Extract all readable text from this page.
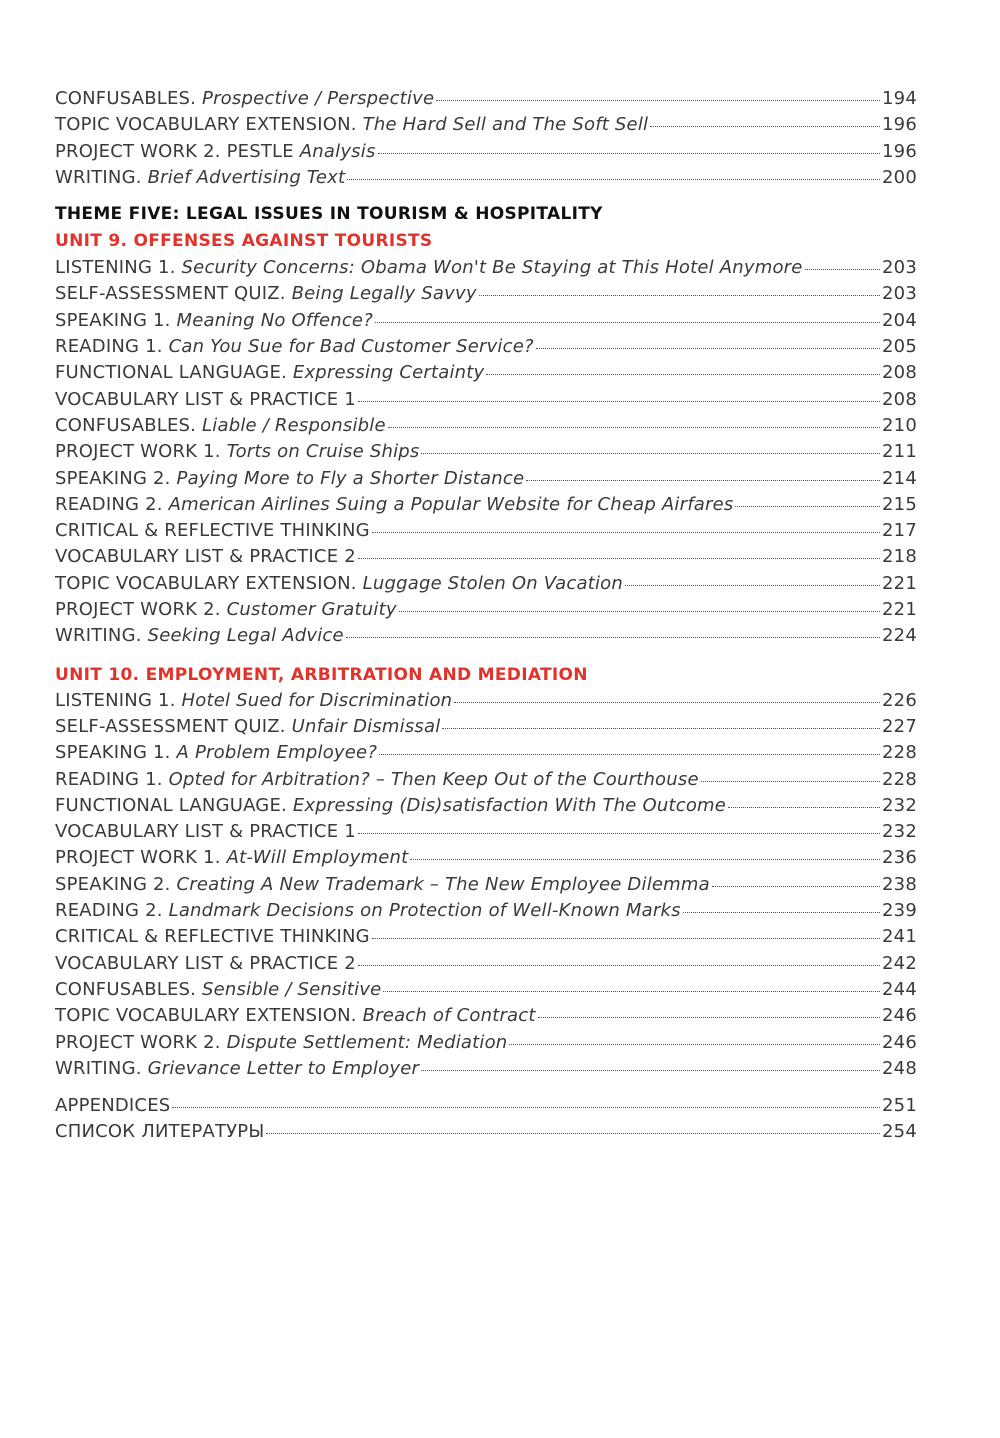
CONFUSABLES. Prospective / Perspective	194
TOPIC VOCABULARY EXTENSION. The Hard Sell and The Soft Sell	196
PROJECT WORK 2. PESTLE Analysis	196
WRITING. Brief Advertising Text	200
THEME FIVE: LEGAL ISSUES IN TOURISM & HOSPITALITY
UNIT 9. OFFENSES AGAINST TOURISTS
LISTENING 1. Security Concerns: Obama Won't Be Staying at This Hotel Anymore	203
SELF-ASSESSMENT QUIZ. Being Legally Savvy	203
SPEAKING 1. Meaning No Offence?	204
READING 1. Can You Sue for Bad Customer Service?	205
FUNCTIONAL LANGUAGE. Expressing Certainty	208
VOCABULARY LIST & PRACTICE 1	208
CONFUSABLES. Liable / Responsible	210
PROJECT WORK 1. Torts on Cruise Ships	211
SPEAKING 2. Paying More to Fly a Shorter Distance	214
READING 2. American Airlines Suing a Popular Website for Cheap Airfares	215
CRITICAL & REFLECTIVE THINKING	217
VOCABULARY LIST & PRACTICE 2	218
TOPIC VOCABULARY EXTENSION. Luggage Stolen On Vacation	221
PROJECT WORK 2. Customer Gratuity	221
WRITING. Seeking Legal Advice	224
UNIT 10. EMPLOYMENT, ARBITRATION AND MEDIATION
LISTENING 1. Hotel Sued for Discrimination	226
SELF-ASSESSMENT QUIZ. Unfair Dismissal	227
SPEAKING 1. A Problem Employee?	228
READING 1. Opted for Arbitration? – Then Keep Out of the Courthouse	228
FUNCTIONAL LANGUAGE. Expressing (Dis)satisfaction With The Outcome	232
VOCABULARY LIST & PRACTICE 1	232
PROJECT WORK 1. At-Will Employment	236
SPEAKING 2. Creating A New Trademark – The New Employee Dilemma	238
READING 2. Landmark Decisions on Protection of Well-Known Marks	239
CRITICAL & REFLECTIVE THINKING	241
VOCABULARY LIST & PRACTICE 2	242
CONFUSABLES. Sensible / Sensitive	244
TOPIC VOCABULARY EXTENSION. Breach of Contract	246
PROJECT WORK 2. Dispute Settlement: Mediation	246
WRITING. Grievance Letter to Employer	248
APPENDICES	251
СПИСОК ЛИТЕРАТУРЫ	254
